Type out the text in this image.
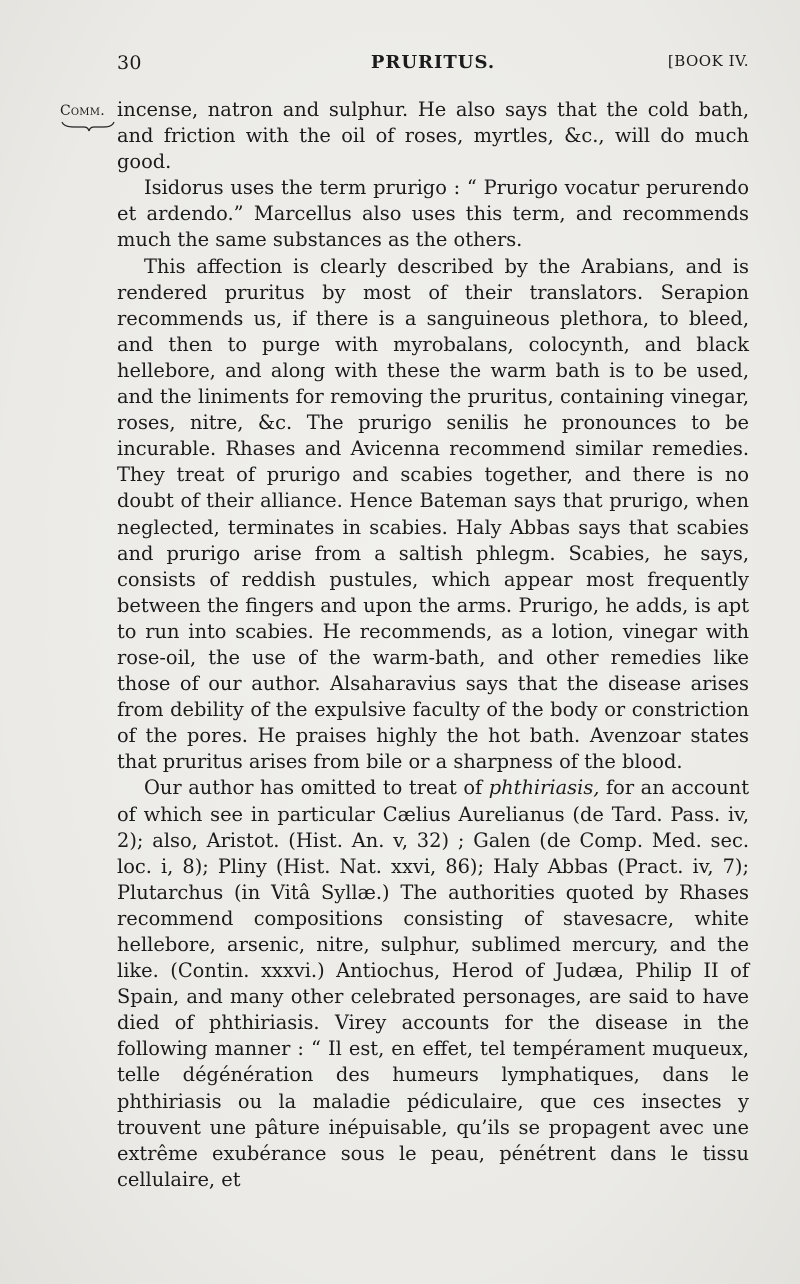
30	PRURITUS.	[BOOK IV.
Comm. incense, natron and sulphur. He also says that the cold bath, and friction with the oil of roses, myrtles, &c., will do much good.

Isidorus uses the term prurigo : “ Prurigo vocatur perurendo et ardendo.” Marcellus also uses this term, and recommends much the same substances as the others.

This affection is clearly described by the Arabians, and is rendered pruritus by most of their translators. Serapion recommends us, if there is a sanguineous plethora, to bleed, and then to purge with myrobalans, colocynth, and black hellebore, and along with these the warm bath is to be used, and the liniments for removing the pruritus, containing vinegar, roses, nitre, &c. The prurigo senilis he pronounces to be incurable. Rhases and Avicenna recommend similar remedies. They treat of prurigo and scabies together, and there is no doubt of their alliance. Hence Bateman says that prurigo, when neglected, terminates in scabies. Haly Abbas says that scabies and prurigo arise from a saltish phlegm. Scabies, he says, consists of reddish pustules, which appear most frequently between the fingers and upon the arms. Prurigo, he adds, is apt to run into scabies. He recommends, as a lotion, vinegar with rose-oil, the use of the warm-bath, and other remedies like those of our author. Alsaharavius says that the disease arises from debility of the expulsive faculty of the body or constriction of the pores. He praises highly the hot bath. Avenzoar states that pruritus arises from bile or a sharpness of the blood.

Our author has omitted to treat of phthiriasis, for an account of which see in particular Cælius Aurelianus (de Tard. Pass. iv, 2); also, Aristot. (Hist. An. v, 32) ; Galen (de Comp. Med. sec. loc. i, 8); Pliny (Hist. Nat. xxvi, 86); Haly Abbas (Pract. iv, 7); Plutarchus (in Vitâ Syllæ.) The authorities quoted by Rhases recommend compositions consisting of stavesacre, white hellebore, arsenic, nitre, sulphur, sublimed mercury, and the like. (Contin. xxxvi.) Antiochus, Herod of Judæa, Philip II of Spain, and many other celebrated personages, are said to have died of phthiriasis. Virey accounts for the disease in the following manner : “ Il est, en effet, tel tempérament muqueux, telle dégénération des humeurs lymphatiques, dans le phthiriasis ou la maladie pédiculaire, que ces insectes y trouvent une pâture inépuisable, qu’ils se propagent avec une extrême exubérance sous le peau, pénétrent dans le tissu cellulaire, et
